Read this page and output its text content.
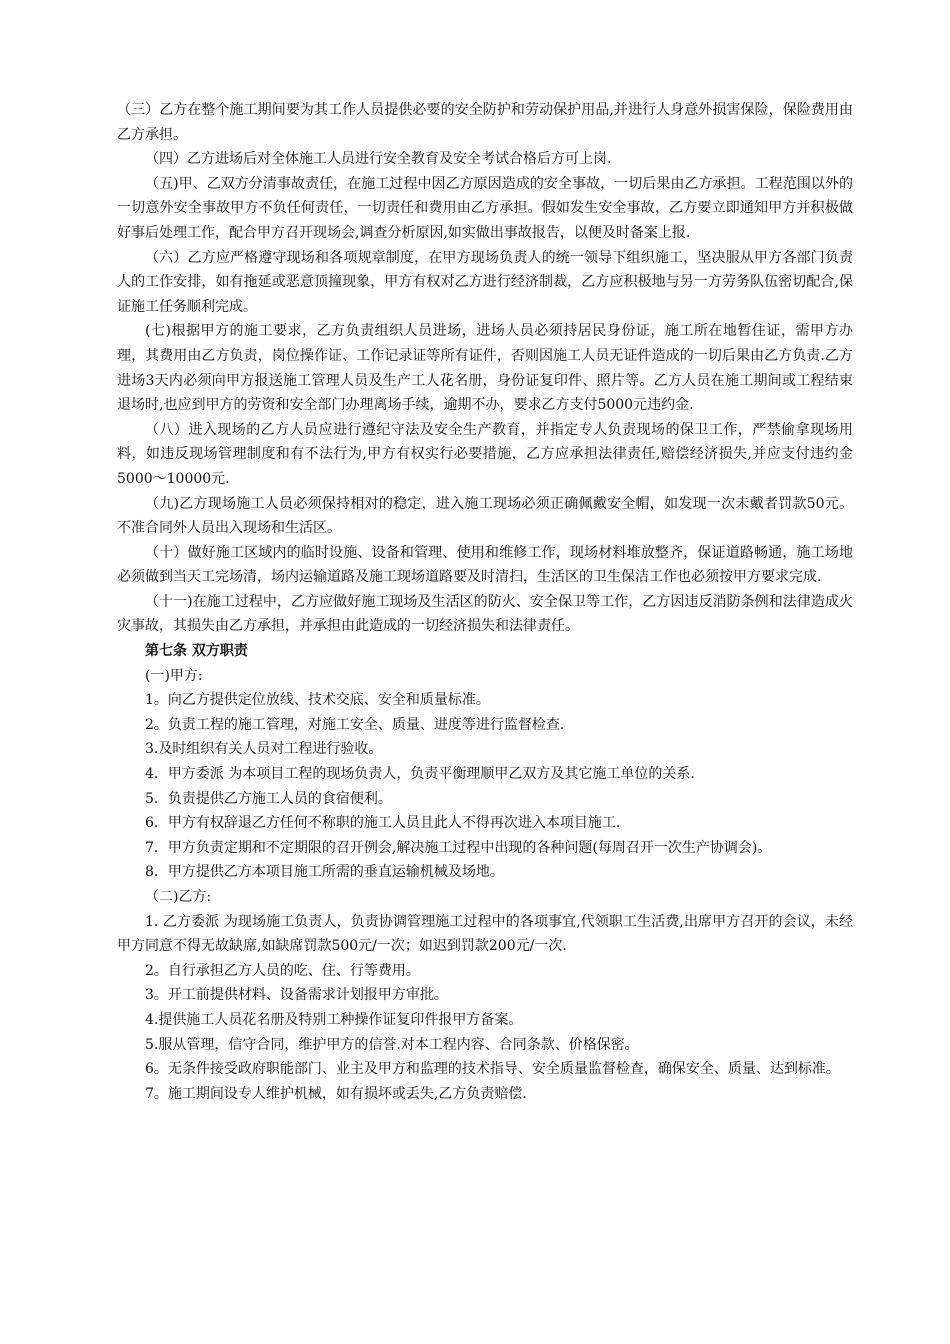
（三）乙方在整个施工期间要为其工作人员提供必要的安全防护和劳动保护用品,并进行人身意外损害保险，保险费用由乙方承担。

（四）乙方进场后对全体施工人员进行安全教育及安全考试合格后方可上岗.

（五)甲、乙双方分清事故责任，在施工过程中因乙方原因造成的安全事故，一切后果由乙方承担。工程范围以外的一切意外安全事故甲方不负任何责任，一切责任和费用由乙方承担。假如发生安全事故，乙方要立即通知甲方并积极做好事后处理工作，配合甲方召开现场会,调查分析原因,如实做出事故报告，以便及时备案上报.

（六）乙方应严格遵守现场和各项规章制度，在甲方现场负责人的统一领导下组织施工，坚决服从甲方各部门负责人的工作安排，如有拖延或恶意顶撞现象，甲方有权对乙方进行经济制裁，乙方应积极地与另一方劳务队伍密切配合,保证施工任务顺利完成。

(七)根据甲方的施工要求，乙方负责组织人员进场，进场人员必须持居民身份证，施工所在地暂住证，需甲方办理，其费用由乙方负责，岗位操作证、工作记录证等所有证件，否则因施工人员无证件造成的一切后果由乙方负责.乙方进场3天内必须向甲方报送施工管理人员及生产工人花名册，身份证复印件、照片等。乙方人员在施工期间或工程结束退场时,也应到甲方的劳资和安全部门办理离场手续，逾期不办，要求乙方支付5000元违约金.

（八）进入现场的乙方人员应进行遵纪守法及安全生产教育，并指定专人负责现场的保卫工作，严禁偷拿现场用料，如违反现场管理制度和有不法行为,甲方有权实行必要措施，乙方应承担法律责任,赔偿经济损失,并应支付违约金5000～10000元.

（九)乙方现场施工人员必须保持相对的稳定，进入施工现场必须正确佩戴安全帽，如发现一次未戴者罚款50元。不准合同外人员出入现场和生活区。

（十）做好施工区域内的临时设施、设备和管理、使用和维修工作，现场材料堆放整齐，保证道路畅通，施工场地必须做到当天工完场清，场内运输道路及施工现场道路要及时清扫，生活区的卫生保洁工作也必须按甲方要求完成.

（十一)在施工过程中，乙方应做好施工现场及生活区的防火、安全保卫等工作，乙方因违反消防条例和法律造成火灾事故，其损失由乙方承担，并承担由此造成的一切经济损失和法律责任。

第七条 双方职责

(一)甲方:

1。向乙方提供定位放线、技术交底、安全和质量标准。

2。负责工程的施工管理，对施工安全、质量、进度等进行监督检查.

3.及时组织有关人员对工程进行验收。

4．甲方委派 为本项目工程的现场负责人，负责平衡理顺甲乙双方及其它施工单位的关系.

5．负责提供乙方施工人员的食宿便利。

6．甲方有权辞退乙方任何不称职的施工人员且此人不得再次进入本项目施工.

7．甲方负责定期和不定期限的召开例会,解决施工过程中出现的各种问题(每周召开一次生产协调会)。

8．甲方提供乙方本项目施工所需的垂直运输机械及场地。

（二)乙方:

1. 乙方委派 为现场施工负责人，负责协调管理施工过程中的各项事宜,代领职工生活费,出席甲方召开的会议，未经甲方同意不得无故缺席,如缺席罚款500元/一次；如迟到罚款200元/一次.

2。自行承担乙方人员的吃、住、行等费用。

3。开工前提供材料、设备需求计划报甲方审批。

4.提供施工人员花名册及特别工种操作证复印件报甲方备案。

5.服从管理，信守合同，维护甲方的信誉.对本工程内容、合同条款、价格保密。

6。无条件接受政府职能部门、业主及甲方和监理的技术指导、安全质量监督检查，确保安全、质量、达到标准。

7。施工期间设专人维护机械，如有损坏或丢失,乙方负责赔偿.
